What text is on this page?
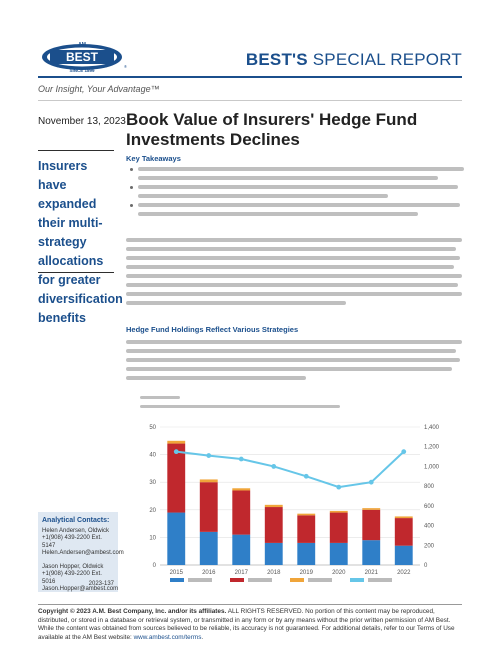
AM
BEST
SINCE 1899
®	BEST'S SPECIAL REPORT
Our Insight, Your Advantage™
November 13, 2023
Insurers have expanded their multi-strategy allocations for greater diversification benefits
Analytical Contacts:
Helen Andersen, Oldwick
+1(908) 439-2200 Ext. 5147
Helen.Andersen@ambest.com
Jason Hopper, Oldwick
+1(908) 439-2200 Ext. 5016
Jason.Hopper@ambest.com
2023-137
Book Value of Insurers' Hedge Fund Investments Declines
Key Takeaways
Hedge Fund Holdings Reflect Various Strategies
0
10
20
30
40
50
0
200
400
600
800
1,000
1,200
1,400
2015	2016	2017	2018	2019	2020	2021	2022
Copyright © 2023 A.M. Best Company, Inc. and/or its affiliates. ALL RIGHTS RESERVED. No portion of this content may be reproduced, distributed, or stored in a database or retrieval system, or transmitted in any form or by any means without the prior written permission of AM Best. While the content was obtained from sources believed to be reliable, its accuracy is not guaranteed. For additional details, refer to our Terms of Use available at the AM Best website: www.ambest.com/terms.
